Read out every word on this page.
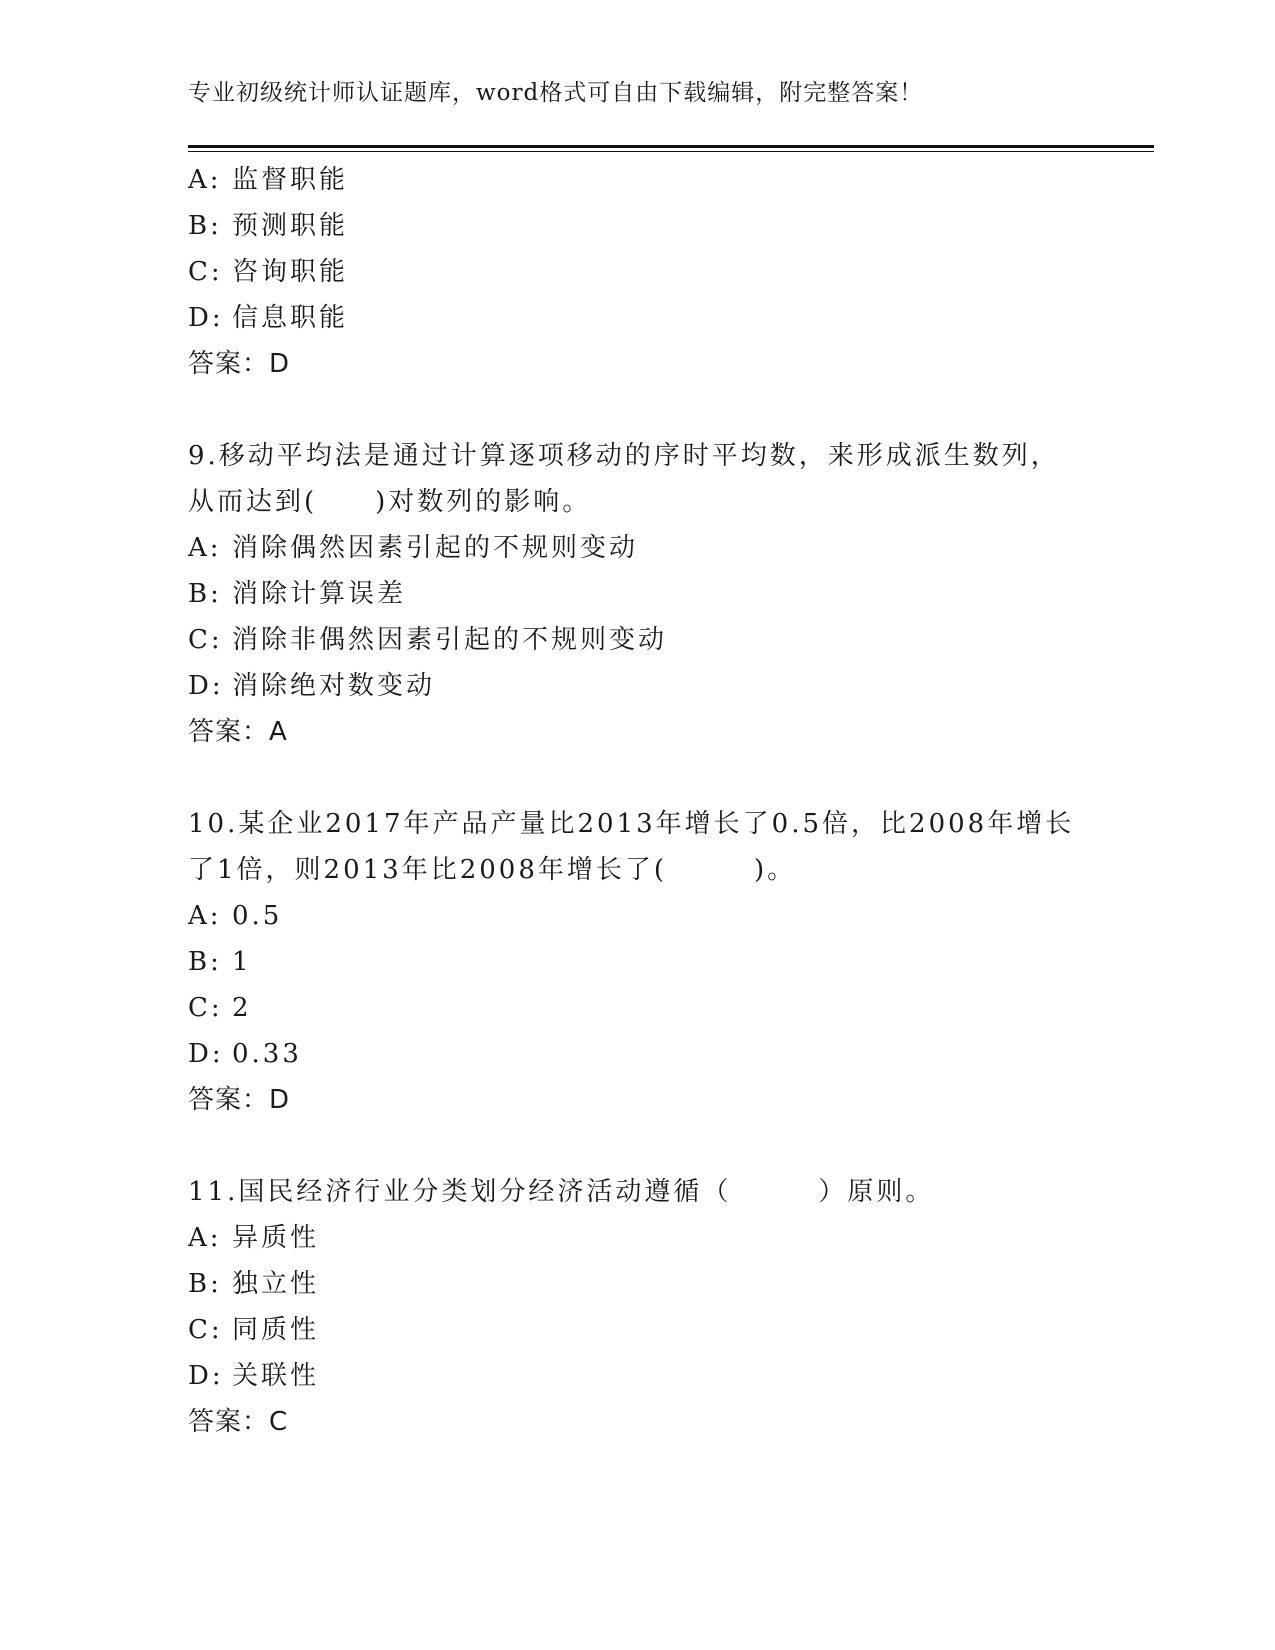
专业初级统计师认证题库，word格式可自由下载编辑，附完整答案！
A: 监督职能
B: 预测职能
C: 咨询职能
D: 信息职能
答案：D
9.移动平均法是通过计算逐项移动的序时平均数，来形成派生数列，
从而达到(　　)对数列的影响。
A: 消除偶然因素引起的不规则变动
B: 消除计算误差
C: 消除非偶然因素引起的不规则变动
D: 消除绝对数变动
答案：A
10.某企业2017年产品产量比2013年增长了0.5倍，比2008年增长
了1倍，则2013年比2008年增长了(　　　)。
A: 0.5
B: 1
C: 2
D: 0.33
答案：D
11.国民经济行业分类划分经济活动遵循（　　　）原则。
A: 异质性
B: 独立性
C: 同质性
D: 关联性
答案：C
